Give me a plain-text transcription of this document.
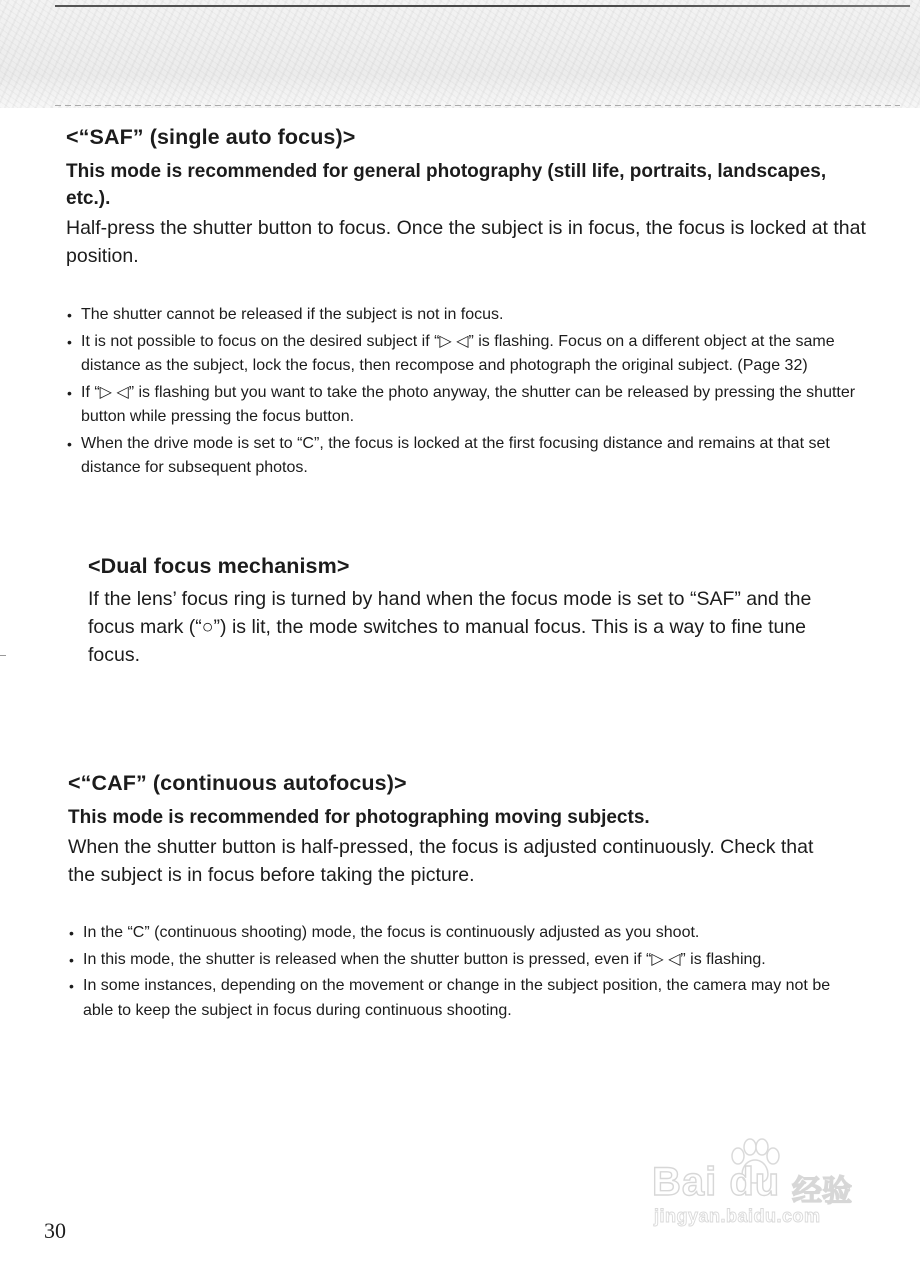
<“SAF” (single auto focus)>

This mode is recommended for general photography (still life, portraits, landscapes, etc.).

Half-press the shutter button to focus. Once the subject is in focus, the focus is locked at that position.

• The shutter cannot be released if the subject is not in focus.
• It is not possible to focus on the desired subject if “▷ ◁” is flashing. Focus on a different object at the same distance as the subject, lock the focus, then recompose and photograph the original subject. (Page 32)
• If “▷ ◁” is flashing but you want to take the photo anyway, the shutter can be released by pressing the shutter button while pressing the focus button.
• When the drive mode is set to “C”, the focus is locked at the first focusing distance and remains at that set distance for subsequent photos.
<Dual focus mechanism>

If the lens’ focus ring is turned by hand when the focus mode is set to “SAF” and the focus mark (“○”) is lit, the mode switches to manual focus. This is a way to fine tune focus.

<“CAF” (continuous autofocus)>

This mode is recommended for photographing moving subjects.

When the shutter button is half-pressed, the focus is adjusted continuously. Check that the subject is in focus before taking the picture.

• In the “C” (continuous shooting) mode, the focus is continuously adjusted as you shoot.
• In this mode, the shutter is released when the shutter button is pressed, even if “▷ ◁” is flashing.
• In some instances, depending on the movement or change in the subject position, the camera may not be able to keep the subject in focus during continuous shooting.
30
Bai du 经验
jingyan.baidu.com
